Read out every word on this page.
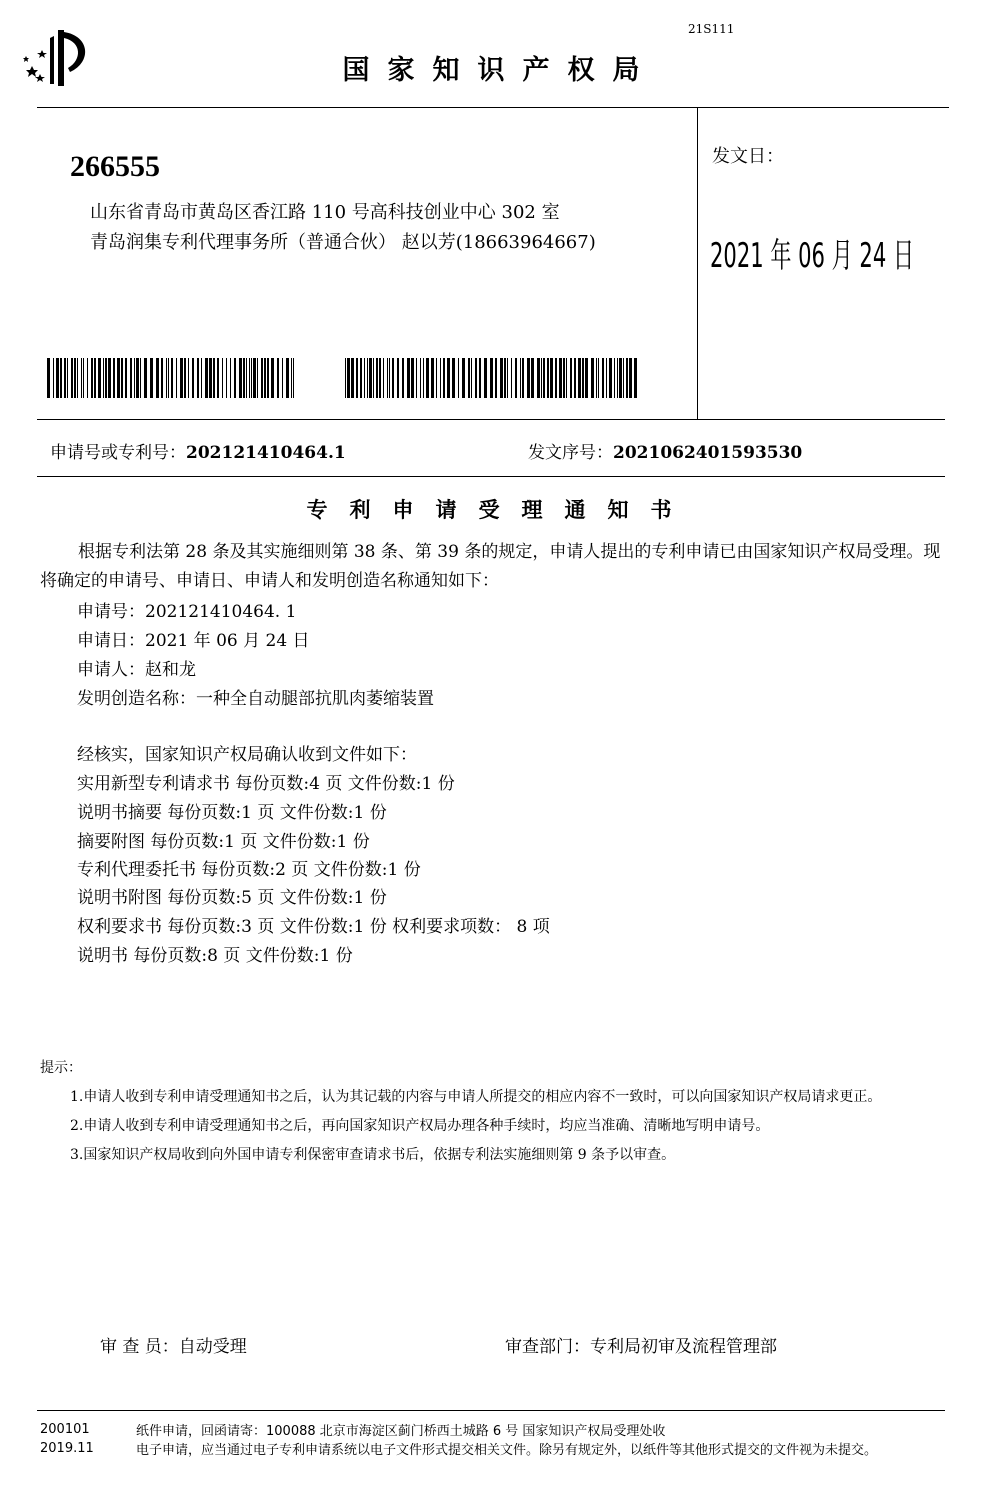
21S111
国家知识产权局
266555
山东省青岛市黄岛区香江路 110 号高科技创业中心 302 室
青岛润集专利代理事务所（普通合伙） 赵以芳(18663964667)
发文日：
2021 年 06 月 24 日
申请号或专利号：202121410464.1	发文序号：2021062401593530
专利申请受理通知书
根据专利法第 28 条及其实施细则第 38 条、第 39 条的规定，申请人提出的专利申请已由国家知识产权局受理。现将确定的申请号、申请日、申请人和发明创造名称通知如下：
申请号：202121410464. 1
申请日：2021 年 06 月 24 日
申请人：赵和龙
发明创造名称：一种全自动腿部抗肌肉萎缩装置
经核实，国家知识产权局确认收到文件如下：
实用新型专利请求书 每份页数:4 页 文件份数:1 份
说明书摘要 每份页数:1 页 文件份数:1 份
摘要附图 每份页数:1 页 文件份数:1 份
专利代理委托书 每份页数:2 页 文件份数:1 份
说明书附图 每份页数:5 页 文件份数:1 份
权利要求书 每份页数:3 页 文件份数:1 份 权利要求项数： 8 项
说明书 每份页数:8 页 文件份数:1 份

提示：

1.申请人收到专利申请受理通知书之后，认为其记载的内容与申请人所提交的相应内容不一致时，可以向国家知识产权局请求更正。

2.申请人收到专利申请受理通知书之后，再向国家知识产权局办理各种手续时，均应当准确、清晰地写明申请号。

3.国家知识产权局收到向外国申请专利保密审查请求书后，依据专利法实施细则第 9 条予以审查。

审 查 员：自动受理	审查部门：专利局初审及流程管理部
200101
2019.11
纸件申请，回函请寄：100088 北京市海淀区蓟门桥西土城路 6 号 国家知识产权局受理处收
电子申请，应当通过电子专利申请系统以电子文件形式提交相关文件。除另有规定外，以纸件等其他形式提交的文件视为未提交。
